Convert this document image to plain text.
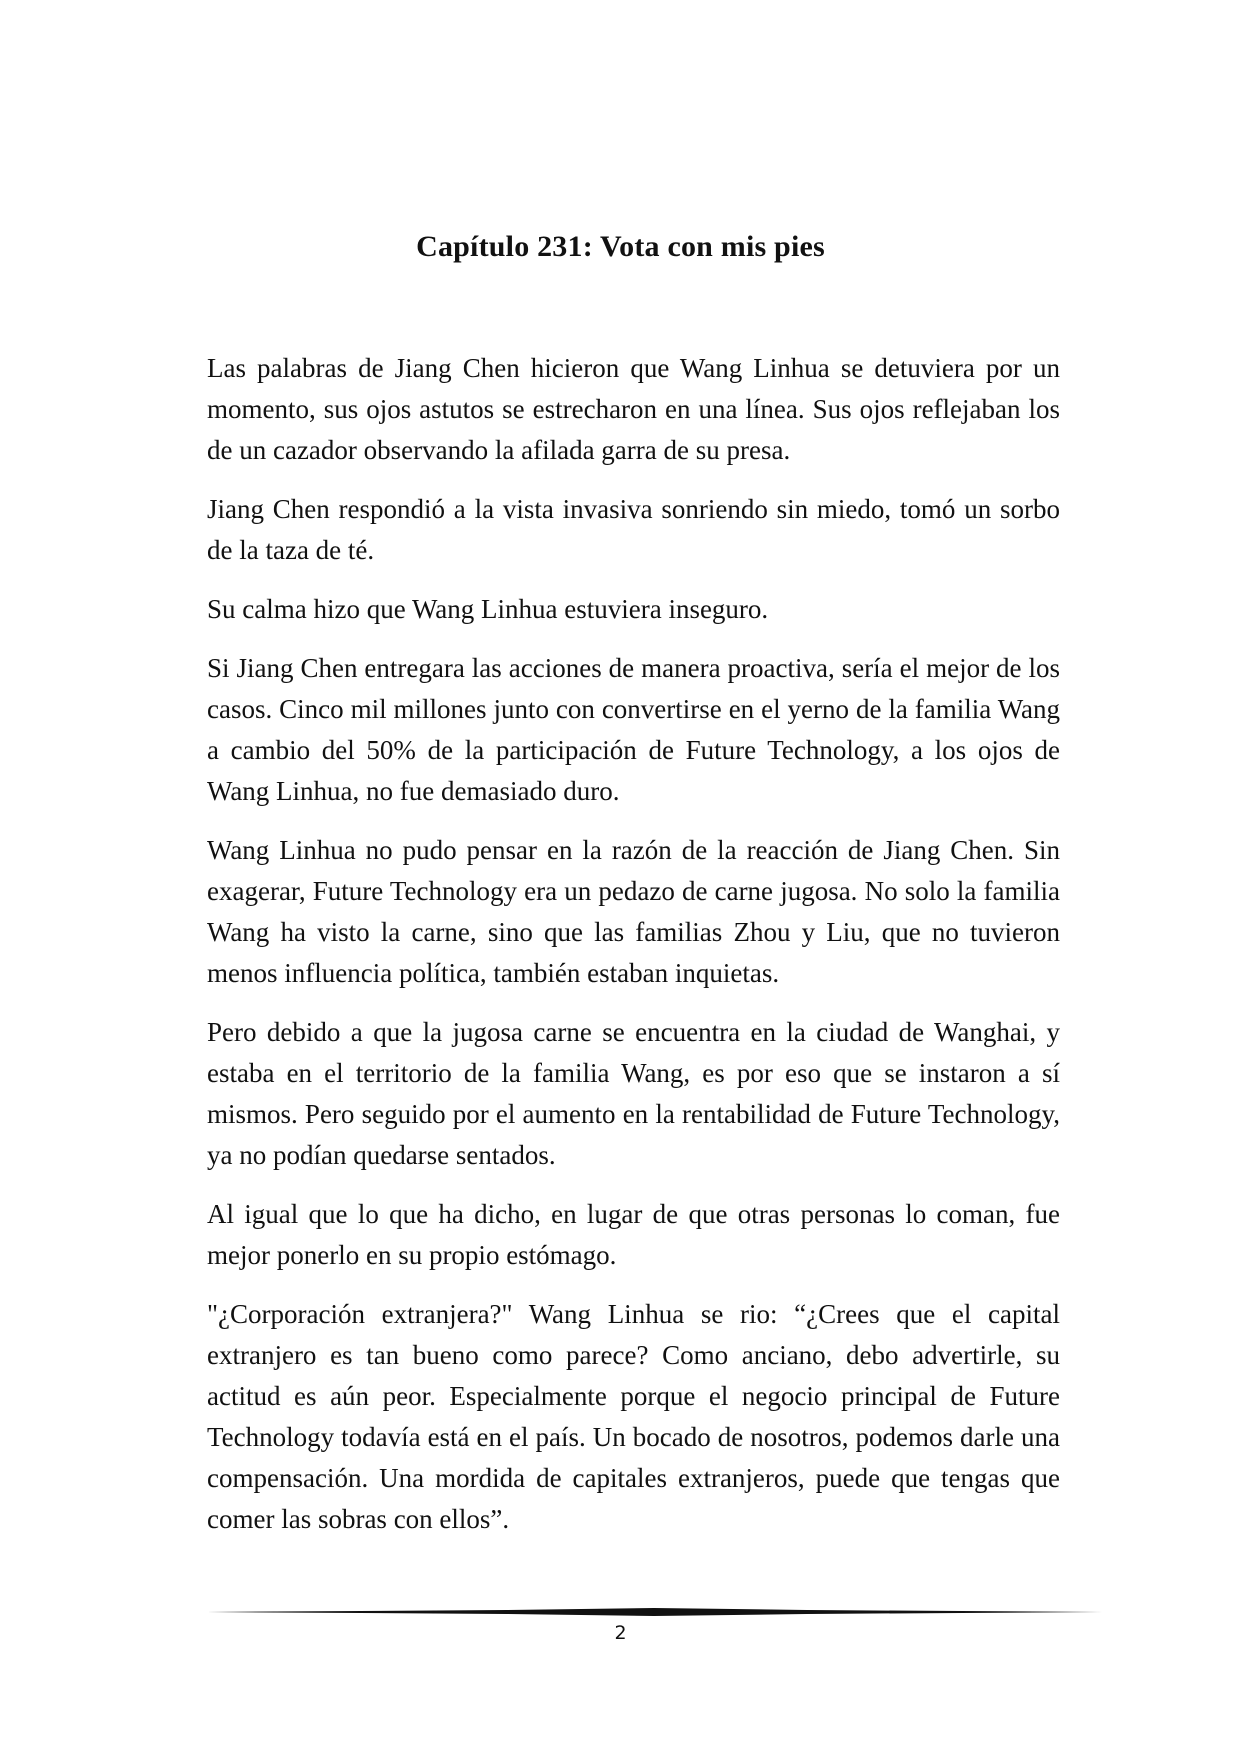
Capítulo 231: Vota con mis pies

Las palabras de Jiang Chen hicieron que Wang Linhua se detuviera por un momento, sus ojos astutos se estrecharon en una línea. Sus ojos reflejaban los de un cazador observando la afilada garra de su presa.

Jiang Chen respondió a la vista invasiva sonriendo sin miedo, tomó un sorbo de la taza de té.

Su calma hizo que Wang Linhua estuviera inseguro.

Si Jiang Chen entregara las acciones de manera proactiva, sería el mejor de los casos. Cinco mil millones junto con convertirse en el yerno de la familia Wang a cambio del 50% de la participación de Future Technology, a los ojos de Wang Linhua, no fue demasiado duro.

Wang Linhua no pudo pensar en la razón de la reacción de Jiang Chen. Sin exagerar, Future Technology era un pedazo de carne jugosa. No solo la familia Wang ha visto la carne, sino que las familias Zhou y Liu, que no tuvieron menos influencia política, también estaban inquietas.

Pero debido a que la jugosa carne se encuentra en la ciudad de Wanghai, y estaba en el territorio de la familia Wang, es por eso que se instaron a sí mismos. Pero seguido por el aumento en la rentabilidad de Future Technology, ya no podían quedarse sentados.

Al igual que lo que ha dicho, en lugar de que otras personas lo coman, fue mejor ponerlo en su propio estómago.

"¿Corporación extranjera?" Wang Linhua se rio: “¿Crees que el capital extranjero es tan bueno como parece? Como anciano, debo advertirle, su actitud es aún peor. Especialmente porque el negocio principal de Future Technology todavía está en el país. Un bocado de nosotros, podemos darle una compensación. Una mordida de capitales extranjeros, puede que tengas que comer las sobras con ellos”.

2
